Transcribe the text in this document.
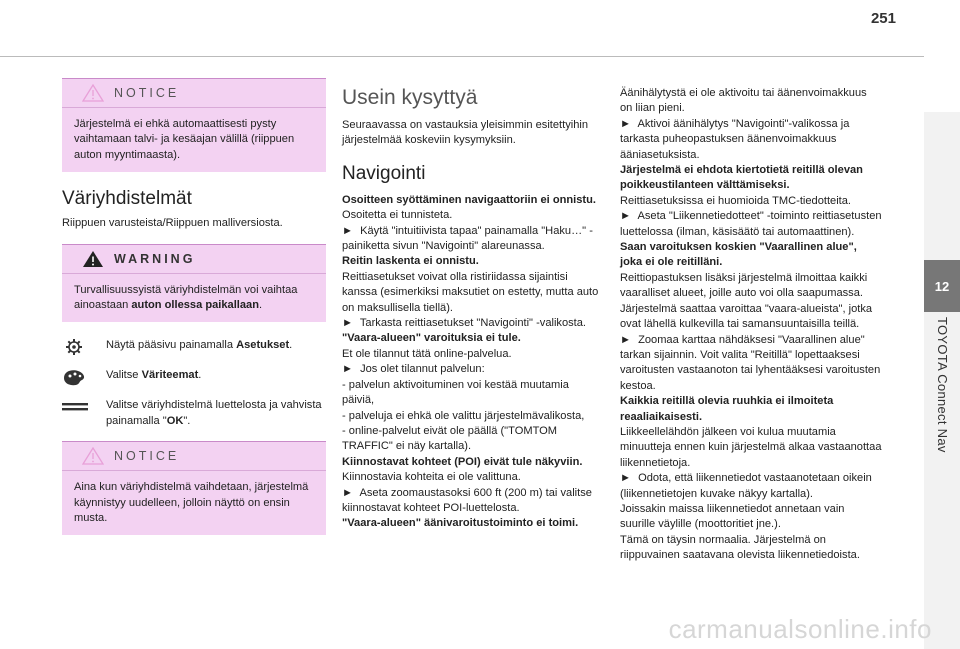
251
12
TOYOTA Connect Nav
NOTICE
Järjestelmä ei ehkä automaattisesti pysty vaihtamaan talvi- ja kesäajan välillä (riippuen auton myyntimaasta).
Väriyhdistelmät

Riippuen varusteista/Riippuen malliversiosta.

WARNING
Turvallisuussyistä väriyhdistelmän voi vaihtaa ainoastaan auton ollessa paikallaan.

Näytä pääsivu painamalla Asetukset.

Valitse Väriteemat.

Valitse väriyhdistelmä luettelosta ja vahvista painamalla "OK".

NOTICE
Aina kun väriyhdistelmä vaihdetaan, järjestelmä käynnistyy uudelleen, jolloin näyttö on ensin musta.
Usein kysyttyä

Seuraavassa on vastauksia yleisimmin esitettyihin järjestelmää koskeviin kysymyksiin.

Navigointi

Osoitteen syöttäminen navigaattoriin ei onnistu.

Osoitetta ei tunnisteta.

► Käytä "intuitiivista tapaa" painamalla "Haku…" -painiketta sivun "Navigointi" alareunassa.

Reitin laskenta ei onnistu.

Reittiasetukset voivat olla ristiriidassa sijaintisi kanssa (esimerkiksi maksutiet on estetty, mutta auto on maksullisella tiellä).

► Tarkasta reittiasetukset "Navigointi" -valikosta.

"Vaara-alueen" varoituksia ei tule.

Et ole tilannut tätä online-palvelua.

► Jos olet tilannut palvelun:

- palvelun aktivoituminen voi kestää muutamia päiviä,

- palveluja ei ehkä ole valittu järjestelmävalikosta,

- online-palvelut eivät ole päällä ("TOMTOM TRAFFIC" ei näy kartalla).

Kiinnostavat kohteet (POI) eivät tule näkyviin.

Kiinnostavia kohteita ei ole valittuna.

► Aseta zoomaustasoksi 600 ft (200 m) tai valitse kiinnostavat kohteet POI-luettelosta.

"Vaara-alueen" äänivaroitustoiminto ei toimi.

Äänihälytystä ei ole aktivoitu tai äänenvoimakkuus on liian pieni.

► Aktivoi äänihälytys "Navigointi"-valikossa ja tarkasta puheopastuksen äänenvoimakkuus ääniasetuksista.

Järjestelmä ei ehdota kiertotietä reitillä olevan poikkeustilanteen välttämiseksi.

Reittiasetuksissa ei huomioida TMC-tiedotteita.

► Aseta "Liikennetiedotteet" -toiminto reittiasetusten luettelossa (ilman, käsisäätö tai automaattinen).

Saan varoituksen koskien "Vaarallinen alue", joka ei ole reitilläni.

Reittiopastuksen lisäksi järjestelmä ilmoittaa kaikki vaaralliset alueet, joille auto voi olla saapumassa. Järjestelmä saattaa varoittaa "vaara-alueista", jotka ovat lähellä kulkevilla tai samansuuntaisilla teillä.

► Zoomaa karttaa nähdäksesi "Vaarallinen alue" tarkan sijainnin. Voit valita "Reitillä" lopettaaksesi varoitusten vastaanoton tai lyhentääksesi varoitusten kestoa.

Kaikkia reitillä olevia ruuhkia ei ilmoiteta reaaliaikaisesti.

Liikkeellelähdön jälkeen voi kulua muutamia minuutteja ennen kuin järjestelmä alkaa vastaanottaa liikennetietoja.

► Odota, että liikennetiedot vastaanotetaan oikein (liikennetietojen kuvake näkyy kartalla).

Joissakin maissa liikennetiedot annetaan vain suurille väylille (moottoritiet jne.).

Tämä on täysin normaalia. Järjestelmä on riippuvainen saatavana olevista liikennetiedoista.

carmanualsonline.info
